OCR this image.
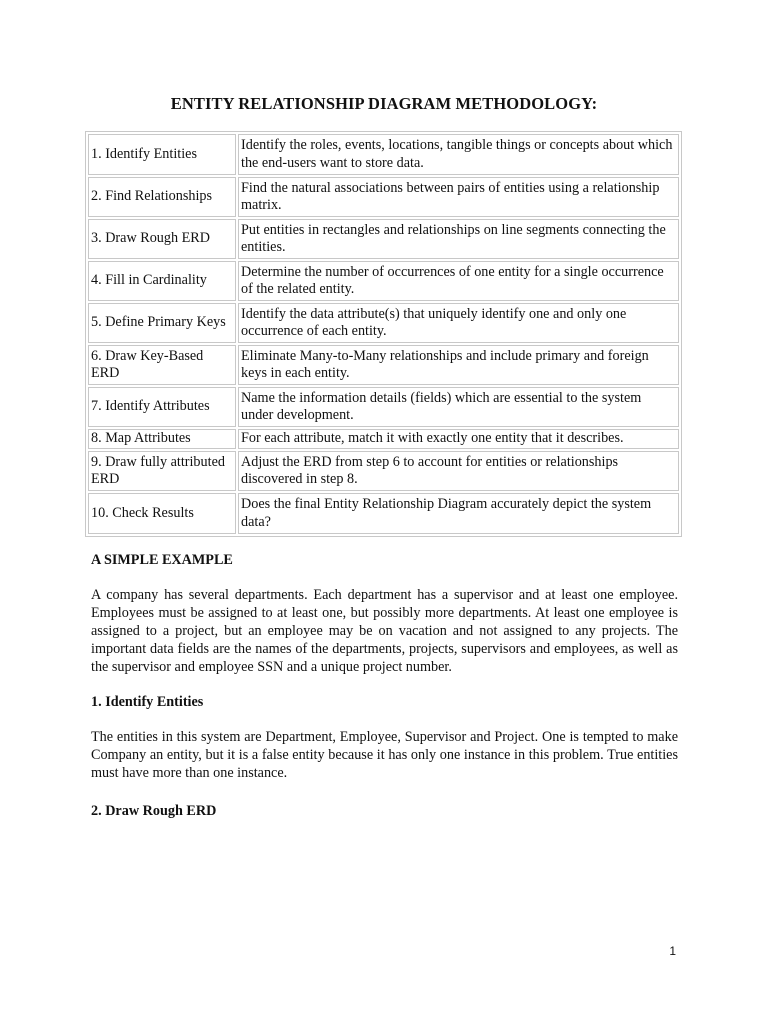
ENTITY RELATIONSHIP DIAGRAM METHODOLOGY:
1. Identify Entities	Identify the roles, events, locations, tangible things or concepts about which the end-users want to store data.
2. Find Relationships	Find the natural associations between pairs of entities using a relationship matrix.
3. Draw Rough ERD	Put entities in rectangles and relationships on line segments connecting the entities.
4. Fill in Cardinality	Determine the number of occurrences of one entity for a single occurrence of the related entity.
5. Define Primary Keys	Identify the data attribute(s) that uniquely identify one and only one occurrence of each entity.
6. Draw Key-Based ERD	Eliminate Many-to-Many relationships and include primary and foreign keys in each entity.
7. Identify Attributes	Name the information details (fields) which are essential to the system under development.
8. Map Attributes	For each attribute, match it with exactly one entity that it describes.
9. Draw fully attributed ERD	Adjust the ERD from step 6 to account for entities or relationships discovered in step 8.
10. Check Results	Does the final Entity Relationship Diagram accurately depict the system data?
A SIMPLE EXAMPLE

A company has several departments. Each department has a supervisor and at least one employee. Employees must be assigned to at least one, but possibly more departments. At least one employee is assigned to a project, but an employee may be on vacation and not assigned to any projects. The important data fields are the names of the departments, projects, supervisors and employees, as well as the supervisor and employee SSN and a unique project number.

1. Identify Entities

The entities in this system are Department, Employee, Supervisor and Project. One is tempted to make Company an entity, but it is a false entity because it has only one instance in this problem. True entities must have more than one instance.

2. Draw Rough ERD
1
